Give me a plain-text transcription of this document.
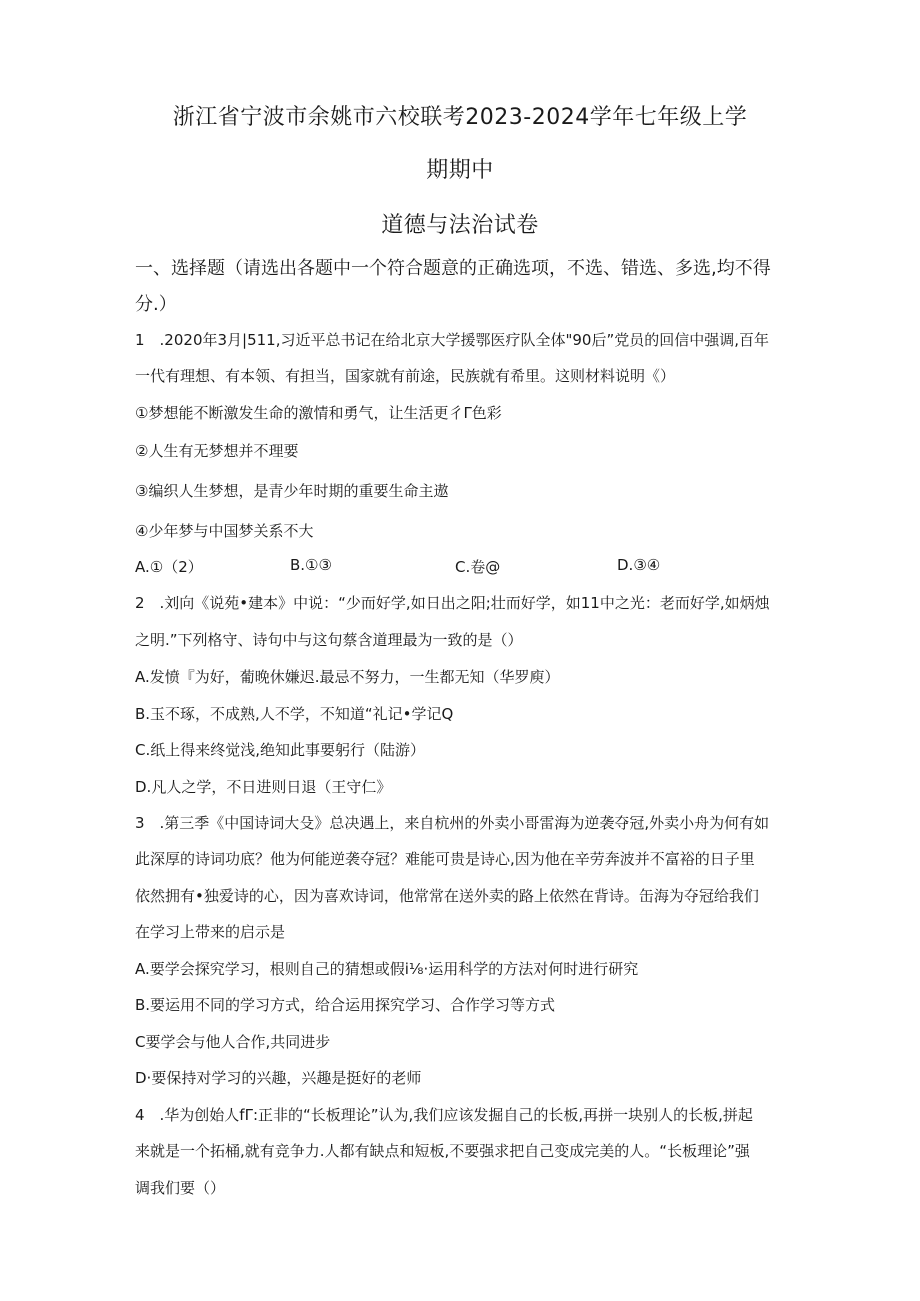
浙江省宁波市余姚市六校联考2023-2024学年七年级上学
期期中
道德与法治试卷
一、选择题（请选出各题中一个符合题意的正确选项，不选、错选、多选,均不得
分.）
1　.2020年3月|511,习近平总书记在给北京大学援鄂医疗队全体"90后”党员的回信中强调,百年
一代有理想、有本领、有担当，国家就有前途，民族就有希里。这则材料说明《）
①梦想能不断激发生命的激情和勇气，让生活更彳Γ色彩
②人生有无梦想并不理要
③编织人生梦想，是青少年时期的重要生命主遨
④少年梦与中国梦关系不大
A.①（2）	B.①③	C.卷@	D.③④
2　.刘向《说苑•建本》中说：“少而好学,如日出之阳;壮而好学，如11中之光：老而好学,如炳烛
之明.”下列格守、诗句中与这句蔡含道理最为一致的是（）
A.发愤『为好，葡晚休嫌迟.最忌不努力，一生都无知（华罗庾）
B.玉不琢，不成熟,人不学，不知道“礼记•学记Q
C.纸上得来终觉浅,绝知此事要躬行（陆游）
D.凡人之学，不日进则日退（王守仁》
3　.第三季《中国诗词大殳》总决遇上，来自杭州的外卖小哥雷海为逆袭夺冠,外卖小舟为何有如
此深厚的诗词功底？他为何能逆袭夺冠？难能可贵是诗心,因为他在辛劳奔波并不富裕的日子里
依然拥有•独爱诗的心，因为喜欢诗词，他常常在送外卖的路上依然在背诗。缶海为夺冠给我们
在学习上带来的启示是
A.要学会探究学习，根则自己的猜想或假i⅛·运用科学的方法对何时进行研究
B.要运用不同的学习方式，给合运用探究学习、合作学习等方式
C要学会与他人合作,共同进步
D·要保持对学习的兴趣，兴趣是挺好的老师
4　.华为创始人fΓ:正非的“长板理论”认为,我们应该发掘自己的长板,再拼一块别人的长板,拼起
来就是一个拓桶,就有竞争力.人都有缺点和短板,不要强求把自己变成完美的人。“长板理论”强
调我们要（）
